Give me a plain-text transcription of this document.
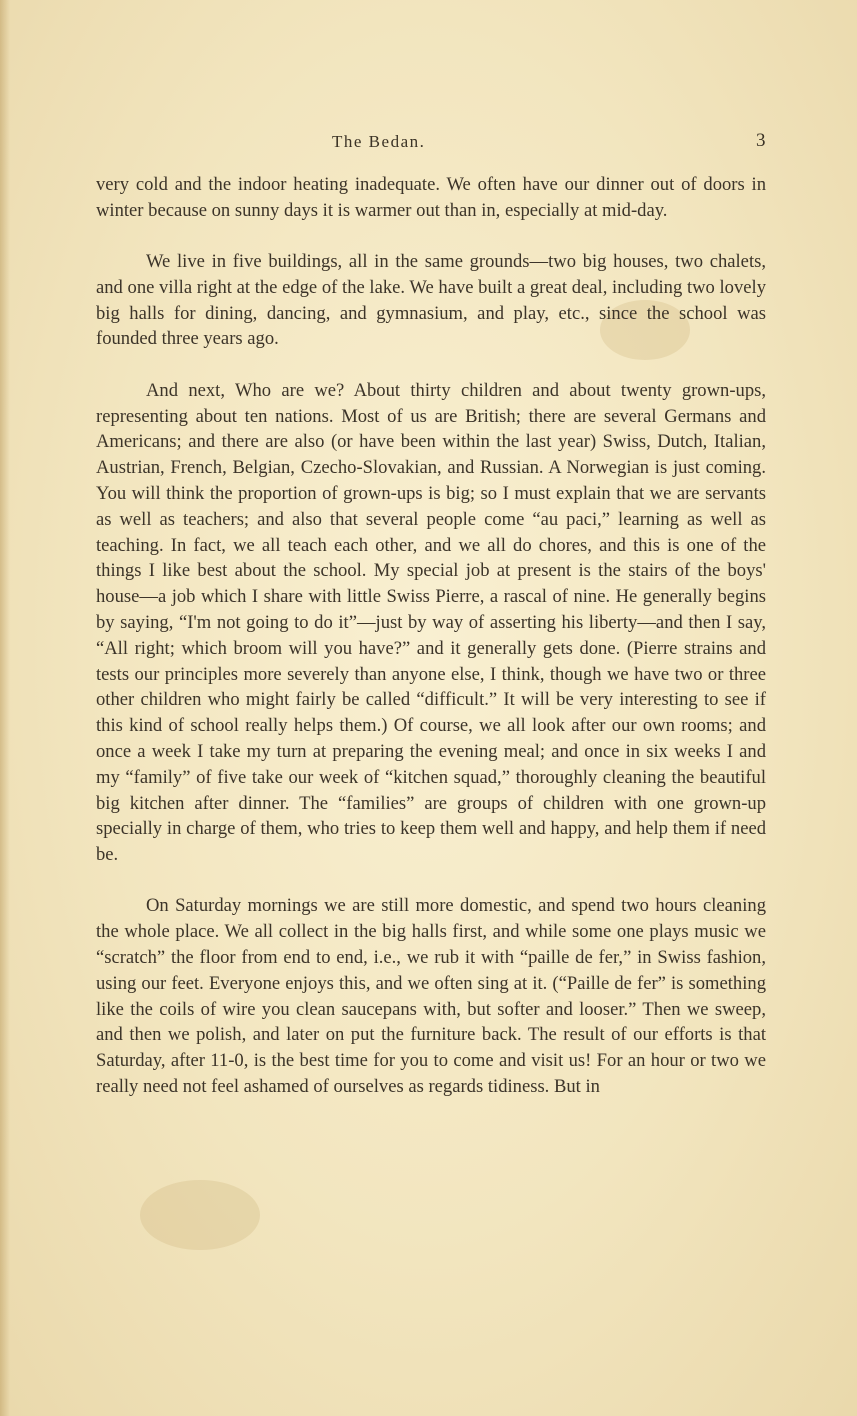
The Bedan.	3

very cold and the indoor heating inadequate. We often have our dinner out of doors in winter because on sunny days it is warmer out than in, especially at mid-day.

We live in five buildings, all in the same grounds—two big houses, two chalets, and one villa right at the edge of the lake. We have built a great deal, including two lovely big halls for dining, dancing, and gymnasium, and play, etc., since the school was founded three years ago.

And next, Who are we? About thirty children and about twenty grown-ups, representing about ten nations. Most of us are British; there are several Germans and Americans; and there are also (or have been within the last year) Swiss, Dutch, Italian, Austrian, French, Belgian, Czecho-Slovakian, and Russian. A Norwegian is just coming. You will think the proportion of grown-ups is big; so I must explain that we are servants as well as teachers; and also that several people come “au paci,” learning as well as teaching. In fact, we all teach each other, and we all do chores, and this is one of the things I like best about the school. My special job at present is the stairs of the boys' house—a job which I share with little Swiss Pierre, a rascal of nine. He generally begins by saying, “I'm not going to do it”—just by way of asserting his liberty—and then I say, “All right; which broom will you have?” and it generally gets done. (Pierre strains and tests our principles more severely than anyone else, I think, though we have two or three other children who might fairly be called “difficult.” It will be very interesting to see if this kind of school really helps them.) Of course, we all look after our own rooms; and once a week I take my turn at preparing the evening meal; and once in six weeks I and my “family” of five take our week of “kitchen squad,” thoroughly cleaning the beautiful big kitchen after dinner. The “families” are groups of children with one grown-up specially in charge of them, who tries to keep them well and happy, and help them if need be.

On Saturday mornings we are still more domestic, and spend two hours cleaning the whole place. We all collect in the big halls first, and while some one plays music we “scratch” the floor from end to end, i.e., we rub it with “paille de fer,” in Swiss fashion, using our feet. Everyone enjoys this, and we often sing at it. (“Paille de fer” is something like the coils of wire you clean saucepans with, but softer and looser.” Then we sweep, and then we polish, and later on put the furniture back. The result of our efforts is that Saturday, after 11-0, is the best time for you to come and visit us! For an hour or two we really need not feel ashamed of ourselves as regards tidiness. But in
